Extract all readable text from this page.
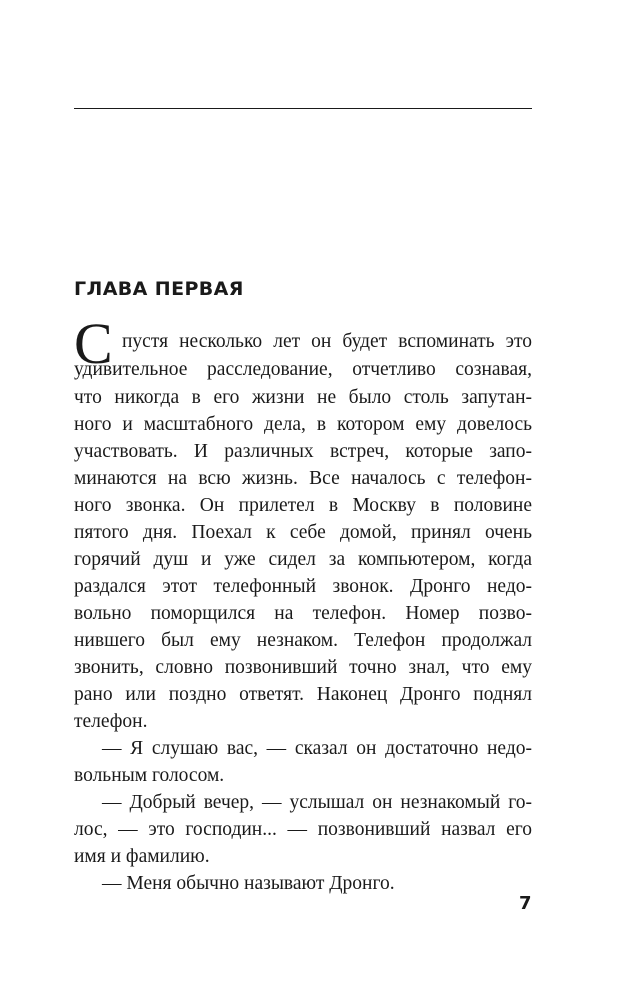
ГЛАВА ПЕРВАЯ
С пустя несколько лет он будет вспоминать это
удивительное расследование, отчетливо сознавая,
что никогда в его жизни не было столь запутан-
ного и масштабного дела, в котором ему довелось
участвовать. И различных встреч, которые запо-
минаются на всю жизнь. Все началось с телефон-
ного звонка. Он прилетел в Москву в половине
пятого дня. Поехал к себе домой, принял очень
горячий душ и уже сидел за компьютером, когда
раздался этот телефонный звонок. Дронго недо-
вольно поморщился на телефон. Номер позво-
нившего был ему незнаком. Телефон продолжал
звонить, словно позвонивший точно знал, что ему
рано или поздно ответят. Наконец Дронго поднял
телефон.
— Я слушаю вас, — сказал он достаточно недо-
вольным голосом.
— Добрый вечер, — услышал он незнакомый го-
лос, — это господин... — позвонивший назвал его
имя и фамилию.
— Меня обычно называют Дронго.
7
